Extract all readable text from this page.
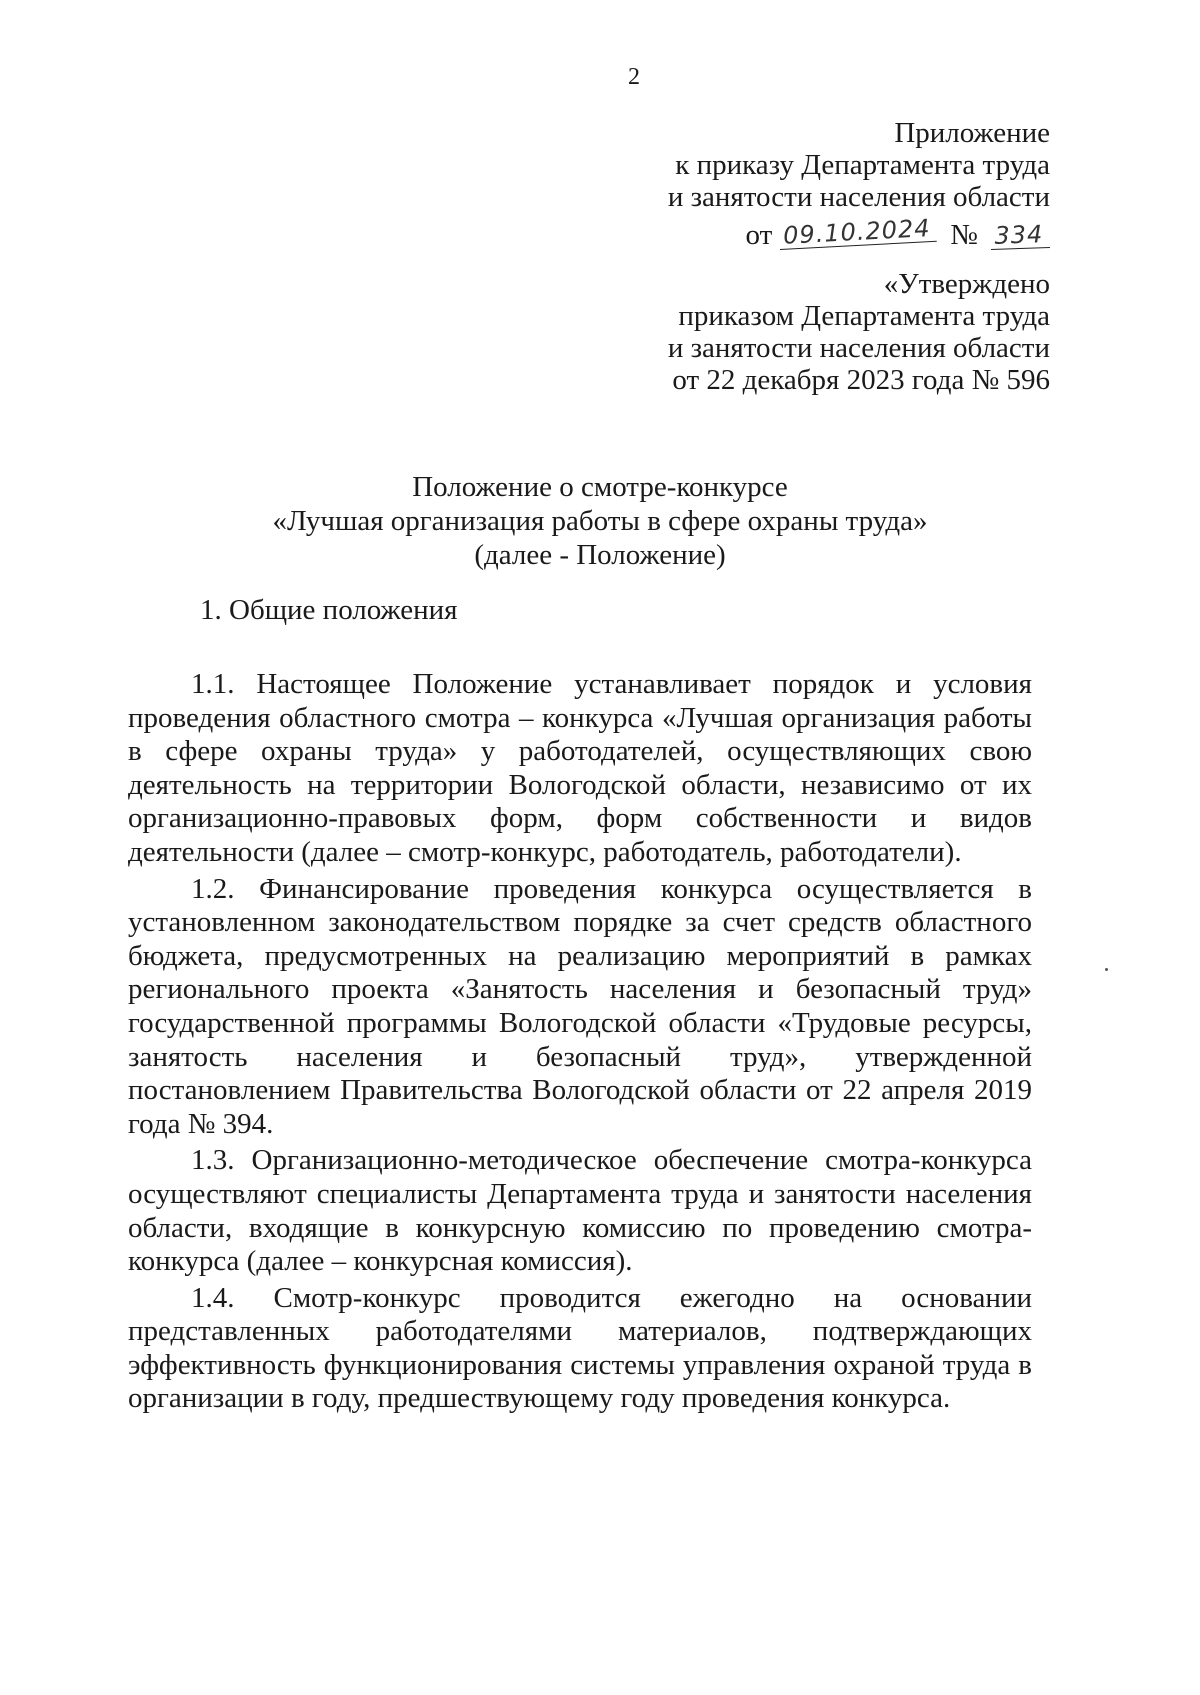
2
Приложение
к приказу Департамента труда
и занятости населения области
от 09.10.2024 № 334
«Утверждено
приказом Департамента труда
и занятости населения области
от 22 декабря 2023 года № 596
Положение о смотре-конкурсе
«Лучшая организация работы в сфере охраны труда»
(далее - Положение)
1. Общие положения

1.1. Настоящее Положение устанавливает порядок и условия проведения областного смотра – конкурса «Лучшая организация работы в сфере охраны труда» у работодателей, осуществляющих свою деятельность на территории Вологодской области, независимо от их организационно-правовых форм, форм собственности и видов деятельности (далее – смотр-конкурс, работодатель, работодатели).

1.2. Финансирование проведения конкурса осуществляется в установленном законодательством порядке за счет средств областного бюджета, предусмотренных на реализацию мероприятий в рамках регионального проекта «Занятость населения и безопасный труд» государственной программы Вологодской области «Трудовые ресурсы, занятость населения и безопасный труд», утвержденной постановлением Правительства Вологодской области от 22 апреля 2019 года № 394.

1.3. Организационно-методическое обеспечение смотра-конкурса осуществляют специалисты Департамента труда и занятости населения области, входящие в конкурсную комиссию по проведению смотра-конкурса (далее – конкурсная комиссия).

1.4. Смотр-конкурс проводится ежегодно на основании представленных работодателями материалов, подтверждающих эффективность функционирования системы управления охраной труда в организации в году, предшествующему году проведения конкурса.
